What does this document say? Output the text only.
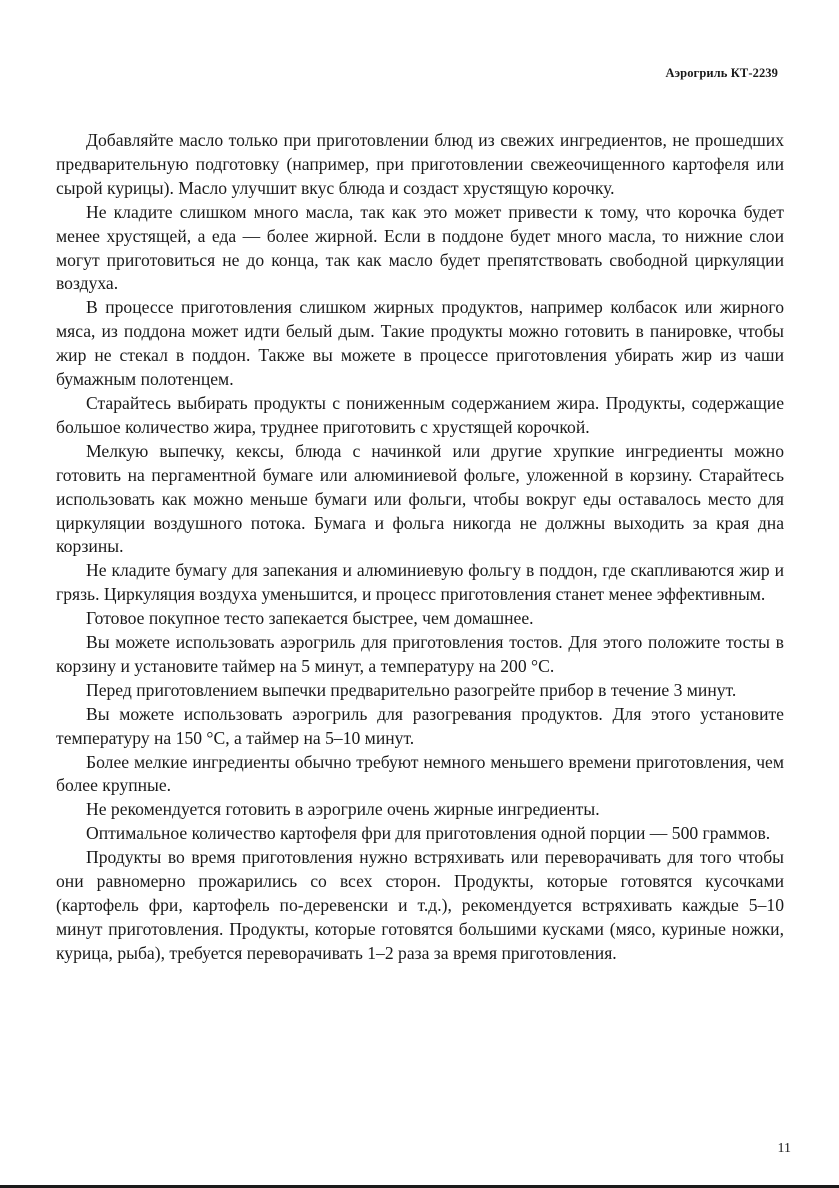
Аэрогриль КТ-2239

Добавляйте масло только при приготовлении блюд из свежих ингредиентов, не прошедших предварительную подготовку (например, при приготовлении свежеочищенного картофеля или сырой курицы). Масло улучшит вкус блюда и создаст хрустящую корочку.

Не кладите слишком много масла, так как это может привести к тому, что корочка будет менее хрустящей, а еда — более жирной. Если в поддоне будет много масла, то нижние слои могут приготовиться не до конца, так как масло будет препятствовать свободной циркуляции воздуха.

В процессе приготовления слишком жирных продуктов, например колбасок или жирного мяса, из поддона может идти белый дым. Такие продукты можно готовить в панировке, чтобы жир не стекал в поддон. Также вы можете в процессе приготовления убирать жир из чаши бумажным полотенцем.

Старайтесь выбирать продукты с пониженным содержанием жира. Продукты, содержащие большое количество жира, труднее приготовить с хрустящей корочкой.

Мелкую выпечку, кексы, блюда с начинкой или другие хрупкие ингредиенты можно готовить на пергаментной бумаге или алюминиевой фольге, уложенной в корзину. Старайтесь использовать как можно меньше бумаги или фольги, чтобы вокруг еды оставалось место для циркуляции воздушного потока. Бумага и фольга никогда не должны выходить за края дна корзины.

Не кладите бумагу для запекания и алюминиевую фольгу в поддон, где скапливаются жир и грязь. Циркуляция воздуха уменьшится, и процесс приготовления станет менее эффективным.

Готовое покупное тесто запекается быстрее, чем домашнее.

Вы можете использовать аэрогриль для приготовления тостов. Для этого положите тосты в корзину и установите таймер на 5 минут, а температуру на 200 °С.

Перед приготовлением выпечки предварительно разогрейте прибор в течение 3 минут.

Вы можете использовать аэрогриль для разогревания продуктов. Для этого установите температуру на 150 °С, а таймер на 5–10 минут.

Более мелкие ингредиенты обычно требуют немного меньшего времени приготовления, чем более крупные.

Не рекомендуется готовить в аэрогриле очень жирные ингредиенты.

Оптимальное количество картофеля фри для приготовления одной порции — 500 граммов.

Продукты во время приготовления нужно встряхивать или переворачивать для того чтобы они равномерно прожарились со всех сторон. Продукты, которые готовятся кусочками (картофель фри, картофель по-деревенски и т.д.), рекомендуется встряхивать каждые 5–10 минут приготовления. Продукты, которые готовятся большими кусками (мясо, куриные ножки, курица, рыба), требуется переворачивать 1–2 раза за время приготовления.

11
